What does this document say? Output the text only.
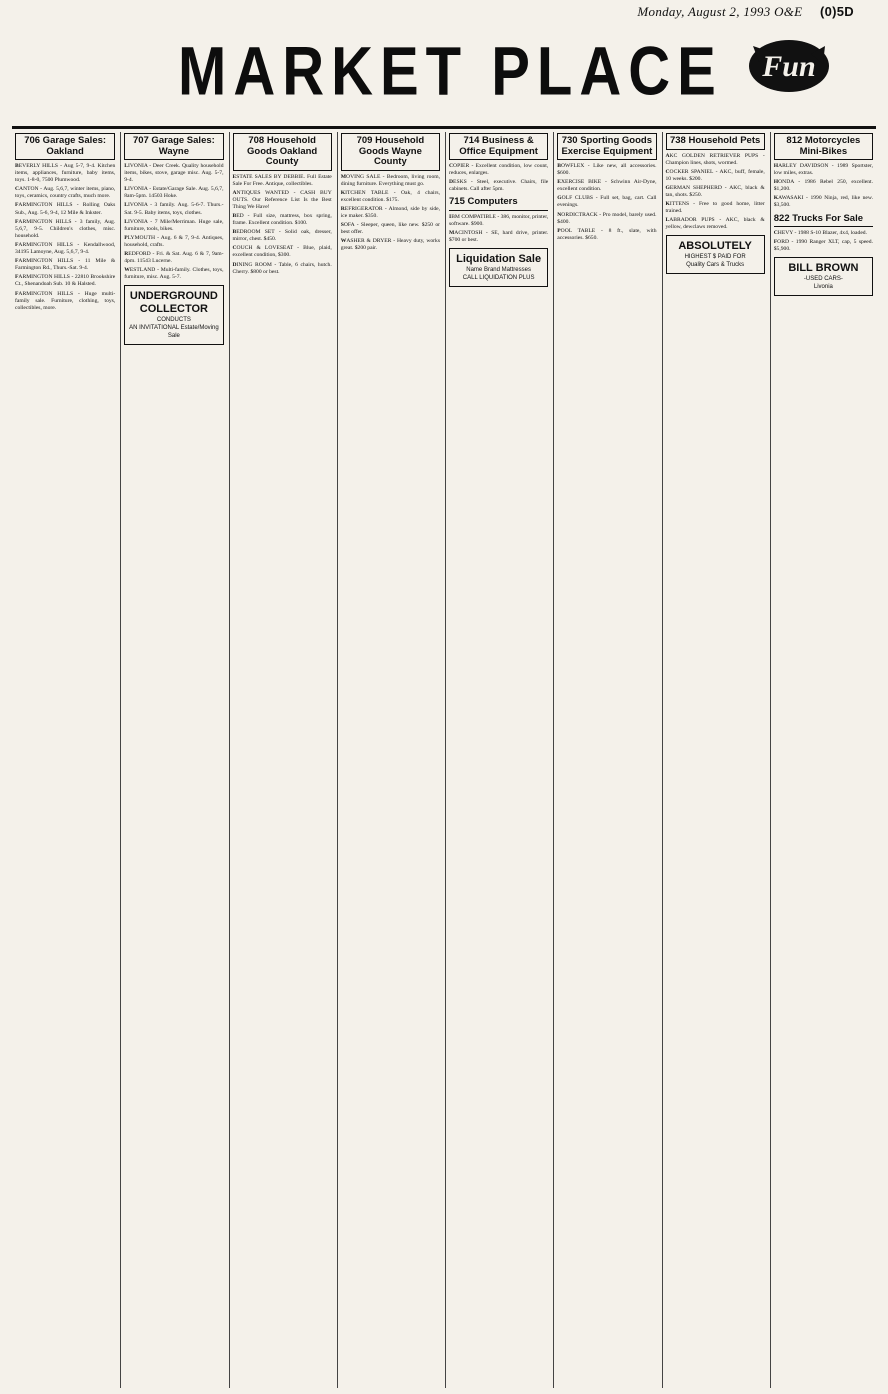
Monday, August 2, 1993 O&E (0)5D
MARKET PLACE Fun
706 Garage Sales: Oakland
BEVERLY HILLS - Aug 5-7, 9-4. Kitchen items, appliances, furniture, baby items, toys. 1-8-0, 7500 Plumwood.
CANTON - Aug. 5,6,7, winter items, piano, toys, ceramics, country crafts, much more.
FARMINGTON HILLS - Rolling Oaks Sub., Aug. 5-6, 9-4, 12 Mile & Inkster.
FARMINGTON HILLS - 3 family, Aug. 5,6,7, 9-5. Children's clothes, misc. household.
FARMINGTON HILLS - Kendallwood, 34195 Lamoyne, Aug. 5,6,7, 9-4.
FARMINGTON HILLS - 11 Mile & Farmington Rd., Thurs.-Sat. 9-4.
FARMINGTON HILLS - 22810 Brookshire Ct., Shenandoah Sub. 10 & Halsted.
FARMINGTON HILLS - Huge multi-family sale. Furniture, clothing, toys, collectibles, more.
707 Garage Sales: Wayne
LIVONIA - Deer Creek. Quality household items, bikes, stove, garage misc. Aug. 5-7, 9-4.
LIVONIA - Estate/Garage Sale. Aug. 5,6,7, 8am-5pm. 14503 Hoke.
LIVONIA - 3 family. Aug. 5-6-7. Thurs.-Sat. 9-5. Baby items, toys, clothes.
LIVONIA - 7 Mile/Merriman. Huge sale, furniture, tools, bikes.
PLYMOUTH - Aug. 6 & 7, 9-4. Antiques, household, crafts.
REDFORD - Fri. & Sat. Aug. 6 & 7, 9am-4pm. 11543 Lucerne.
WESTLAND - Multi-family. Clothes, toys, furniture, misc. Aug. 5-7.
UNDERGROUND COLLECTOR
CONDUCTS
AN INVITATIONAL Estate/Moving Sale
708 Household Goods Oakland County
ESTATE SALES BY DEBBIE. Full Estate Sale For Free. Antique, collectibles.
ANTIQUES WANTED - CASH BUY OUTS. Our Reference List Is the Best Thing We Have!
BED - Full size, mattress, box spring, frame. Excellent condition. $100.
BEDROOM SET - Solid oak, dresser, mirror, chest. $450.
COUCH & LOVESEAT - Blue, plaid, excellent condition, $300.
DINING ROOM - Table, 6 chairs, hutch. Cherry. $800 or best.
709 Household Goods Wayne County
MOVING SALE - Bedroom, living room, dining furniture. Everything must go.
KITCHEN TABLE - Oak, 4 chairs, excellent condition. $175.
REFRIGERATOR - Almond, side by side, ice maker. $350.
SOFA - Sleeper, queen, like new. $250 or best offer.
WASHER & DRYER - Heavy duty, works great. $200 pair.
714 Business & Office Equipment
COPIER - Excellent condition, low count, reduces, enlarges.
DESKS - Steel, executive. Chairs, file cabinets. Call after 5pm.
715 Computers
IBM COMPATIBLE - 386, monitor, printer, software. $900.
MACINTOSH - SE, hard drive, printer. $700 or best.
Liquidation Sale
Name Brand Mattresses
CALL LIQUIDATION PLUS
730 Sporting Goods Exercise Equipment
BOWFLEX - Like new, all accessories. $600.
EXERCISE BIKE - Schwinn Air-Dyne, excellent condition.
GOLF CLUBS - Full set, bag, cart. Call evenings.
NORDICTRACK - Pro model, barely used. $400.
POOL TABLE - 8 ft., slate, with accessories. $650.
738 Household Pets
AKC GOLDEN RETRIEVER PUPS - Champion lines, shots, wormed.
COCKER SPANIEL - AKC, buff, female, 10 weeks. $200.
GERMAN SHEPHERD - AKC, black & tan, shots. $250.
KITTENS - Free to good home, litter trained.
LABRADOR PUPS - AKC, black & yellow, dewclaws removed.
ABSOLUTELY
HIGHEST $ PAID FOR
Quality Cars & Trucks
812 Motorcycles Mini-Bikes
HARLEY DAVIDSON - 1989 Sportster, low miles, extras.
HONDA - 1986 Rebel 250, excellent. $1,200.
KAWASAKI - 1990 Ninja, red, like new. $3,500.
822 Trucks For Sale
CHEVY - 1988 S-10 Blazer, 4x4, loaded.
FORD - 1990 Ranger XLT, cap, 5 speed. $5,900.
BILL BROWN
-USED CARS-
Livonia
